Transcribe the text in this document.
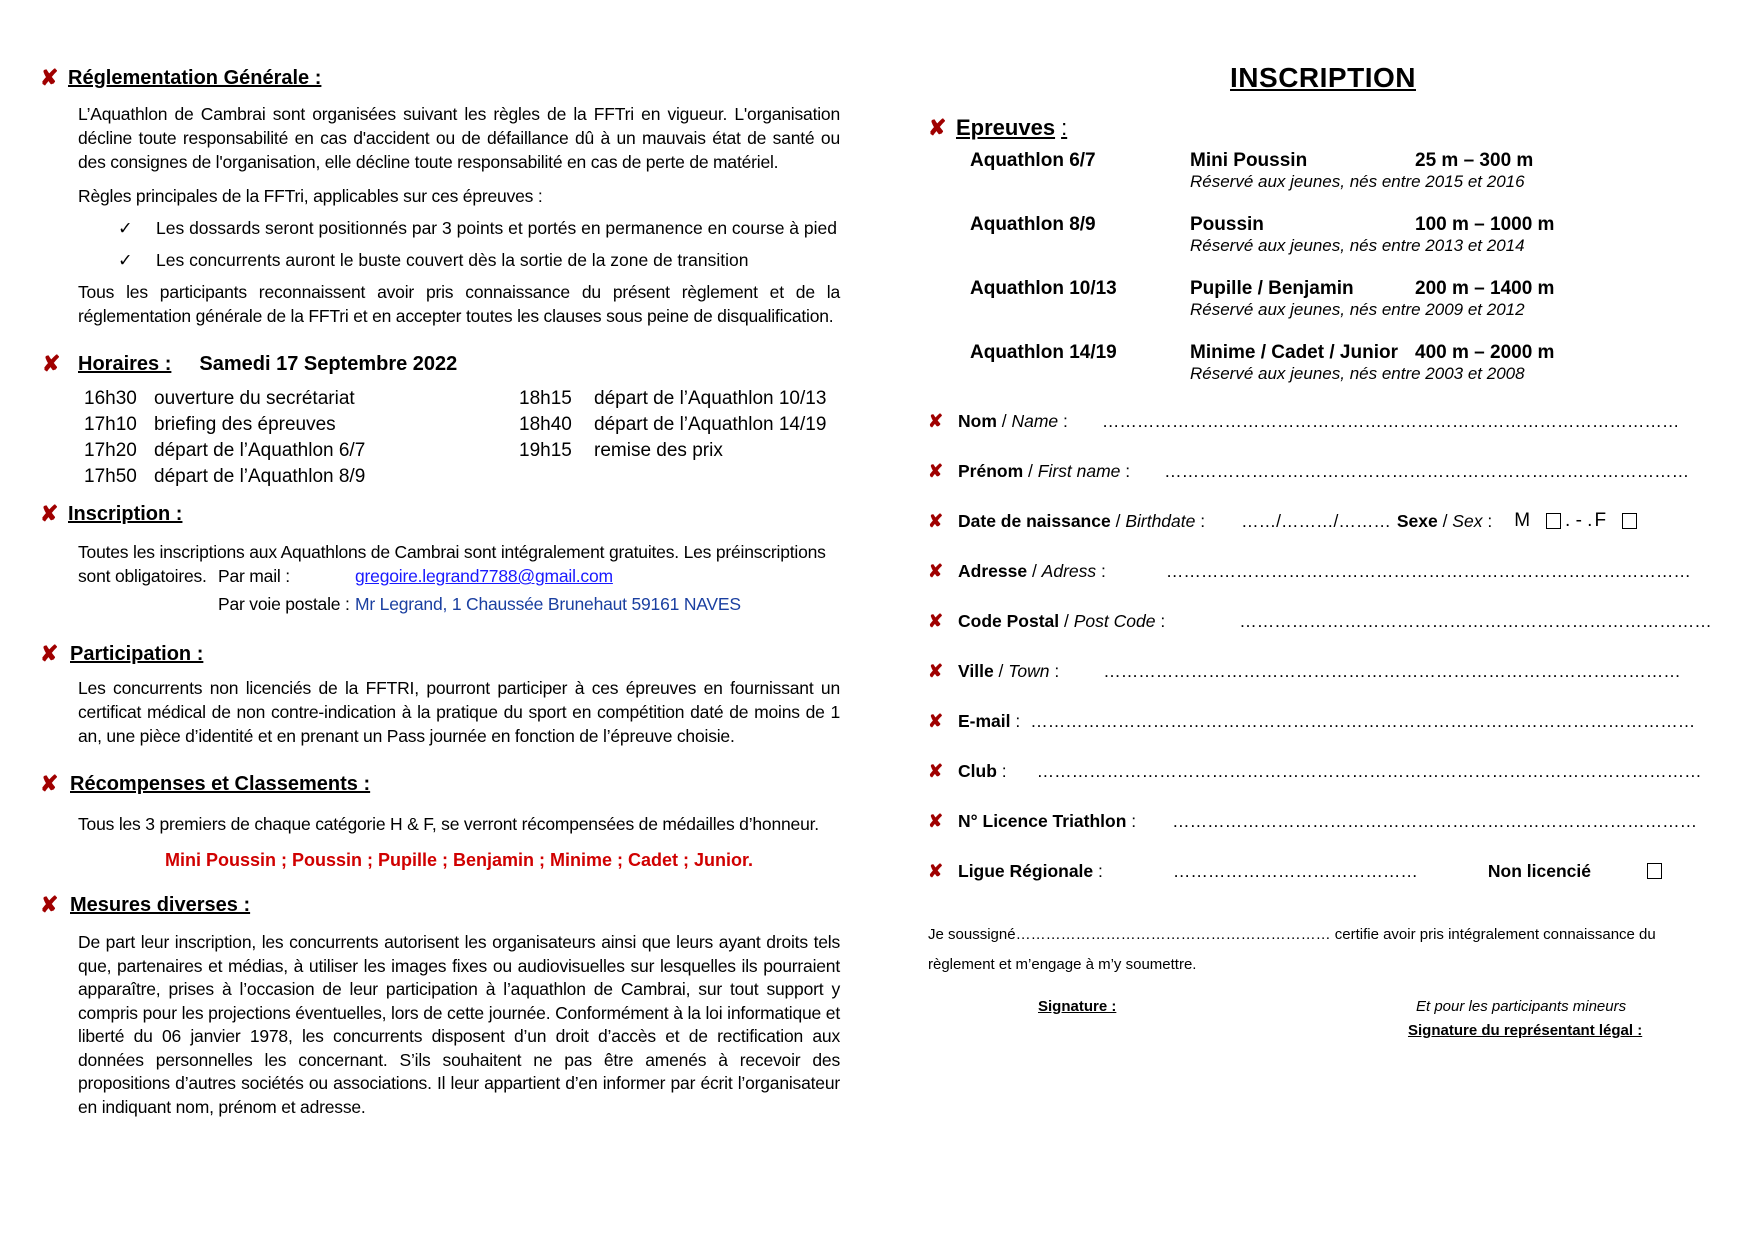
✘ Réglementation Générale :
L’Aquathlon de Cambrai sont organisées suivant les règles de la FFTri en vigueur. L'organisation décline toute responsabilité en cas d'accident ou de défaillance dû à un mauvais état de santé ou des consignes de l'organisation, elle décline toute responsabilité en cas de perte de matériel.
Règles principales de la FFTri, applicables sur ces épreuves :
✓	Les dossards seront positionnés par 3 points et portés en permanence en course à pied
✓	Les concurrents auront le buste couvert dès la sortie de la zone de transition
Tous les participants reconnaissent avoir pris connaissance du présent règlement et de la réglementation générale de la FFTri et en accepter toutes les clauses sous peine de disqualification.
✘ Horaires : Samedi 17 Septembre 2022
16h30 ouverture du secrétariat	18h15	départ de l’Aquathlon 10/13
17h10 briefing des épreuves	18h40	départ de l’Aquathlon 14/19
17h20 départ de l’Aquathlon 6/7	19h15	remise des prix
17h50 départ de l’Aquathlon 8/9
✘ Inscription :
Toutes les inscriptions aux Aquathlons de Cambrai sont intégralement gratuites. Les préinscriptions
sont obligatoires. Par mail :	gregoire.legrand7788@gmail.com
Par voie postale : Mr Legrand, 1 Chaussée Brunehaut 59161 NAVES
✘ Participation :
Les concurrents non licenciés de la FFTRI, pourront participer à ces épreuves en fournissant un certificat médical de non contre-indication à la pratique du sport en compétition daté de moins de 1 an, une pièce d’identité et en prenant un Pass journée en fonction de l’épreuve choisie.
✘ Récompenses et Classements :
Tous les 3 premiers de chaque catégorie H & F, se verront récompensées de médailles d’honneur.
Mini Poussin ; Poussin ; Pupille ; Benjamin ; Minime ; Cadet ; Junior.
✘ Mesures diverses :
De part leur inscription, les concurrents autorisent les organisateurs ainsi que leurs ayant droits tels que, partenaires et médias, à utiliser les images fixes ou audiovisuelles sur lesquelles ils pourraient apparaître, prises à l’occasion de leur participation à l’aquathlon de Cambrai, sur tout support y compris pour les projections éventuelles, lors de cette journée. Conformément à la loi informatique et liberté du 06 janvier 1978, les concurrents disposent d’un droit d’accès et de rectification aux données personnelles les concernant. S’ils souhaitent ne pas être amenés à recevoir des propositions d’autres sociétés ou associations. Il leur appartient d’en informer par écrit l’organisateur en indiquant nom, prénom et adresse.
INSCRIPTION
✘ Epreuves :
Aquathlon 6/7	Mini Poussin	25 m – 300 m
Réservé aux jeunes, nés entre 2015 et 2016
Aquathlon 8/9	Poussin	100 m – 1000 m
Réservé aux jeunes, nés entre 2013 et 2014
Aquathlon 10/13	Pupille / Benjamin	200 m – 1400 m
Réservé aux jeunes, nés entre 2009 et 2012
Aquathlon 14/19	Minime / Cadet / Junior 400 m – 2000 m
Réservé aux jeunes, nés entre 2003 et 2008
✘ Nom / Name : ………………………………………………………………………………………
✘ Prénom / First name : ………………………………………………………………………………
✘ Date de naissance / Birthdate : ……/………/……… Sexe / Sex : M . - . F
✘ Adresse / Adress :	………………………………………………………………………………
✘ Code Postal / Post Code :	………………………………………………………………………
✘ Ville / Town :	………………………………………………………………………………………
✘ E-mail : ……………………………………………………………………………………………………
✘ Club : ……………………………………………………………………………………………………
✘ N° Licence Triathlon : ………………………………………………………………………………
✘ Ligue Régionale :	……………………………………	Non licencié
Je soussigné……………………………………………………… certifie avoir pris intégralement connaissance du
règlement et m’engage à m’y soumettre.
Signature :	Et pour les participants mineurs
Signature du représentant légal :
